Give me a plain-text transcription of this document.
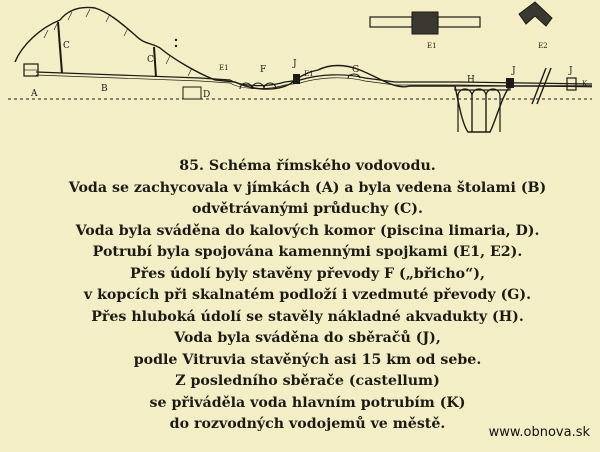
A	B
C
C
D
E1	F
J
E1	G
H
J	J
K
E1	E2
85. Schéma římského vodovodu.
Voda se zachycovala v jímkách (A) a byla vedena štolami (B)
odvětrávanými průduchy (C).
Voda byla sváděna do kalových komor (piscina limaria, D).
Potrubí byla spojována kamennými spojkami (E1, E2).
Přes údolí byly stavěny převody F („břicho“),
v kopcích při skalnatém podloží i vzedmuté převody (G).
Přes hluboká údolí se stavěly nákladné akvadukty (H).
Voda byla sváděna do sběračů (J),
podle Vitruvia stavěných asi 15 km od sebe.
Z posledního sběrače (castellum)
se přiváděla voda hlavním potrubím (K)
do rozvodných vodojemů ve městě.
www.obnova.sk
